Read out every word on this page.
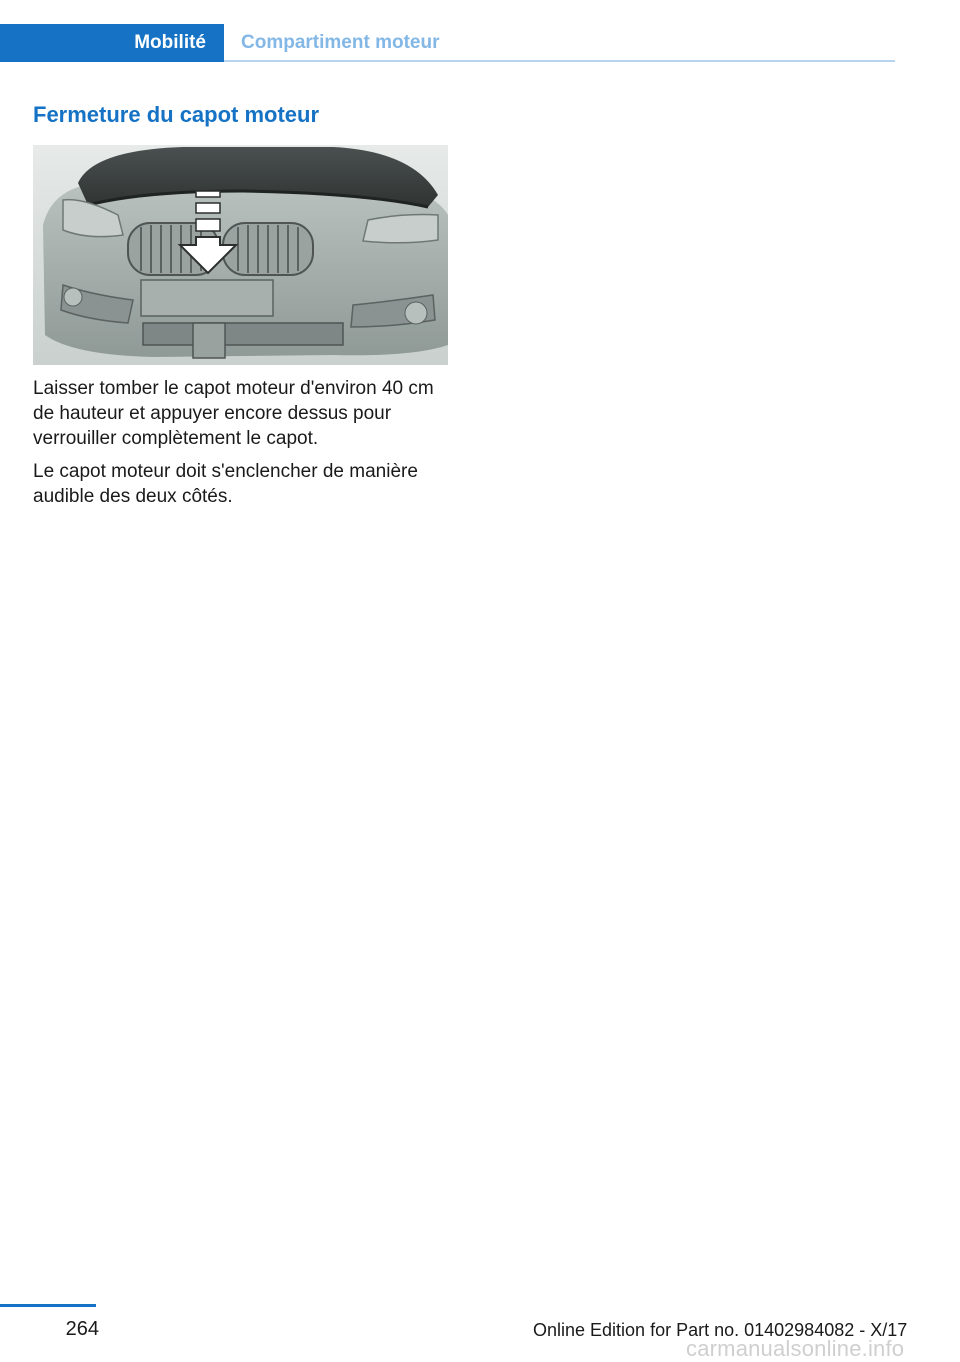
Mobilité Compartiment moteur
Fermeture du capot moteur
Laisser tomber le capot moteur d'environ 40 cm de hauteur et appuyer encore dessus pour verrouiller complètement le capot.
Le capot moteur doit s'enclencher de manière audible des deux côtés.
264	Online Edition for Part no. 01402984082 - X/17
carmanualsonline.info
